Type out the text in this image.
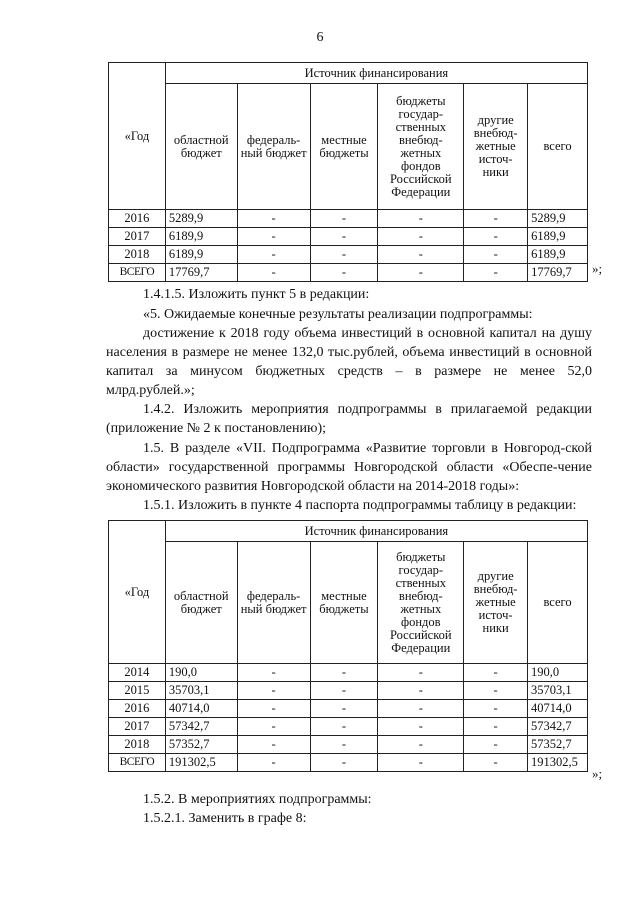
6
«Год	Источник финансирования					
	областной бюджет	федераль-ный бюджет	местные бюджеты	бюджеты государ-ственных внебюд-жетных фондов Российской Федерации	другие внебюд-жетные источ-ники	всего
2016	5289,9	-	-	-	-	5289,9
2017	6189,9	-	-	-	-	6189,9
2018	6189,9	-	-	-	-	6189,9
ВСЕГО	17769,7	-	-	-	-	17769,7 »;
1.4.1.5. Изложить пункт 5 в редакции:
«5. Ожидаемые конечные результаты реализации подпрограммы:
достижение к 2018 году объема инвестиций в основной капитал на душу населения в размере не менее 132,0 тыс.рублей, объема инвестиций в основной капитал за минусом бюджетных средств – в размере не менее 52,0 млрд.рублей.»;
1.4.2. Изложить мероприятия подпрограммы в прилагаемой редакции (приложение № 2 к постановлению);
1.5. В разделе «VII. Подпрограмма «Развитие торговли в Новгород-ской области» государственной программы Новгородской области «Обеспе-чение экономического развития Новгородской области на 2014-2018 годы»:
1.5.1. Изложить в пункте 4 паспорта подпрограммы таблицу в редакции:
«Год	Источник финансирования					
	областной бюджет	федераль-ный бюджет	местные бюджеты	бюджеты государ-ственных внебюд-жетных фондов Российской Федерации	другие внебюд-жетные источ-ники	всего
2014	190,0	-	-	-	-	190,0
2015	35703,1	-	-	-	-	35703,1
2016	40714,0	-	-	-	-	40714,0
2017	57342,7	-	-	-	-	57342,7
2018	57352,7	-	-	-	-	57352,7
ВСЕГО	191302,5	-	-	-	-	191302,5
»;
1.5.2. В мероприятиях подпрограммы:
1.5.2.1. Заменить в графе 8:
